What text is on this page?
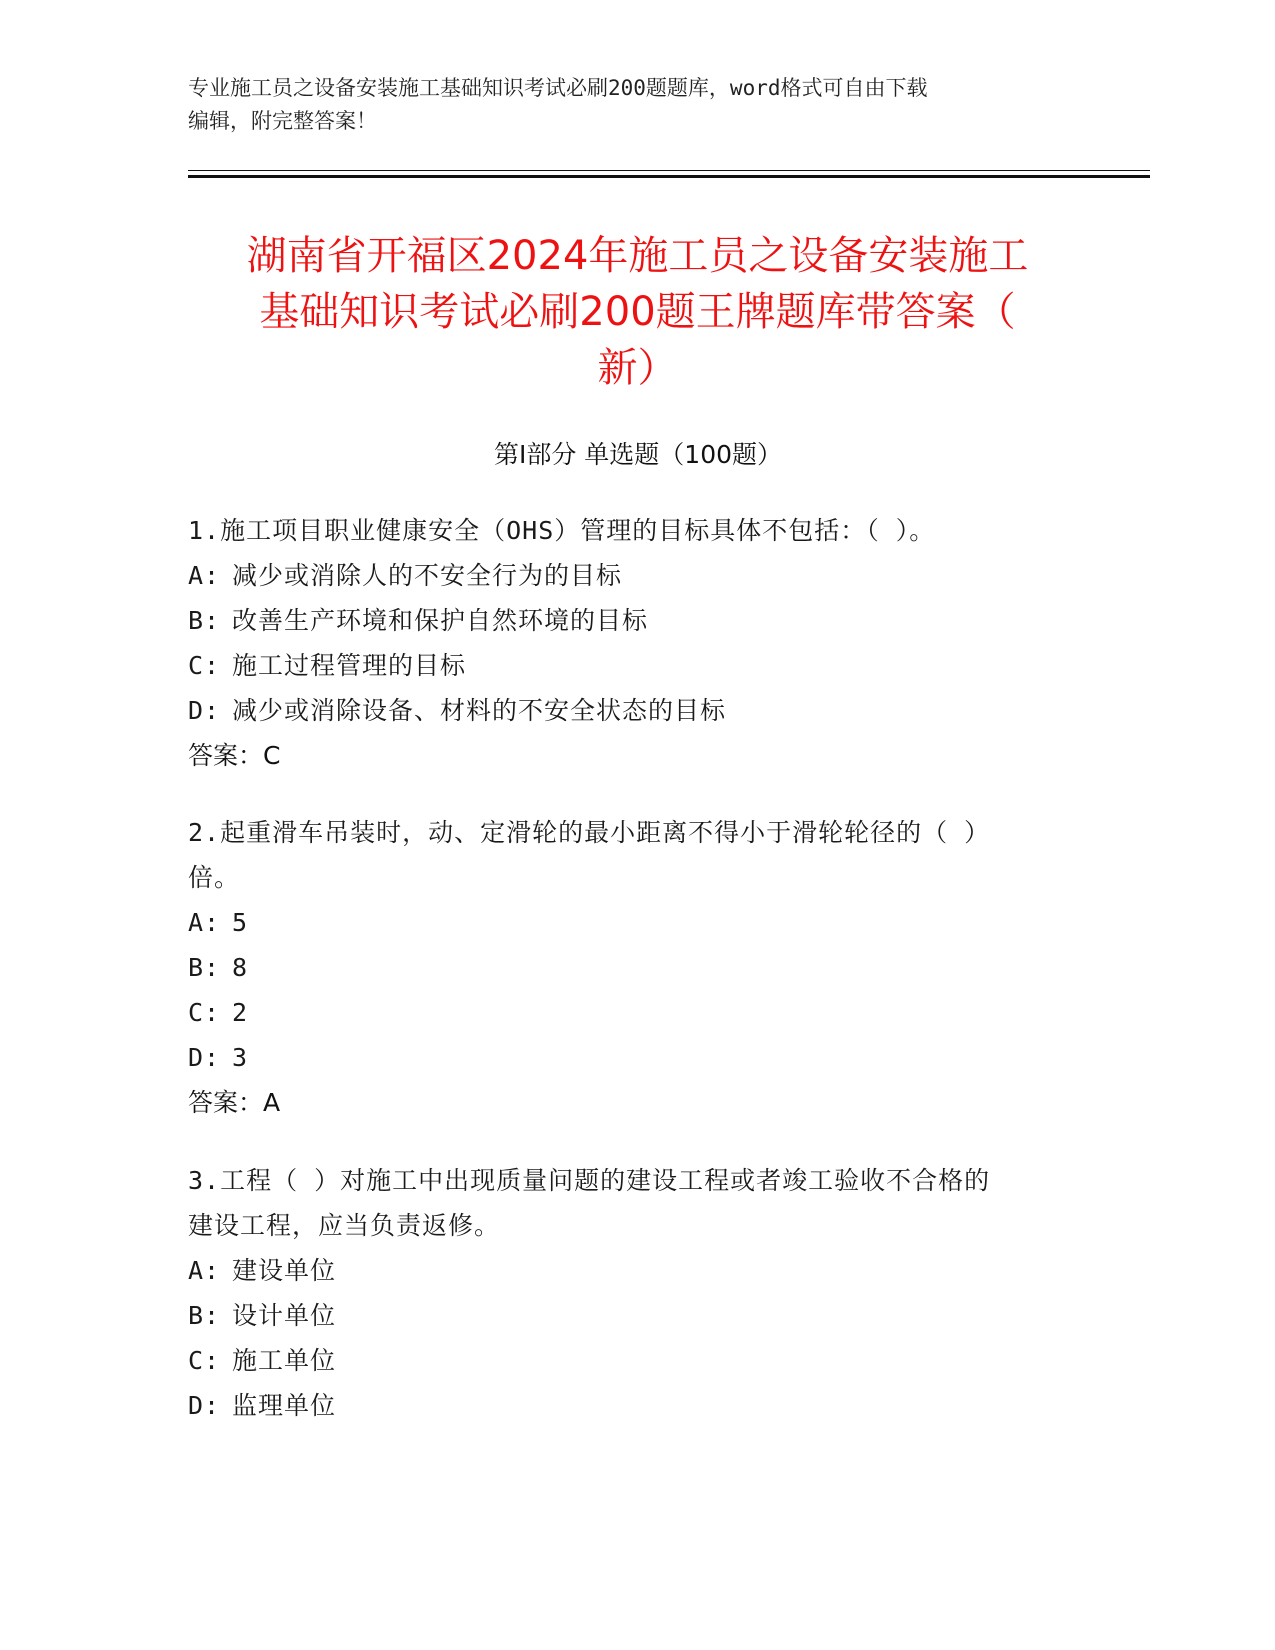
专业施工员之设备安装施工基础知识考试必刷200题题库，word格式可自由下载
编辑，附完整答案！
湖南省开福区2024年施工员之设备安装施工
基础知识考试必刷200题王牌题库带答案（
新）
第I部分 单选题（100题）
1.施工项目职业健康安全（OHS）管理的目标具体不包括：（ ）。
A: 减少或消除人的不安全行为的目标
B: 改善生产环境和保护自然环境的目标
C: 施工过程管理的目标
D: 减少或消除设备、材料的不安全状态的目标
答案：C
2.起重滑车吊装时，动、定滑轮的最小距离不得小于滑轮轮径的（ ）
倍。
A: 5
B: 8
C: 2
D: 3
答案：A
3.工程（ ）对施工中出现质量问题的建设工程或者竣工验收不合格的
建设工程，应当负责返修。
A: 建设单位
B: 设计单位
C: 施工单位
D: 监理单位
